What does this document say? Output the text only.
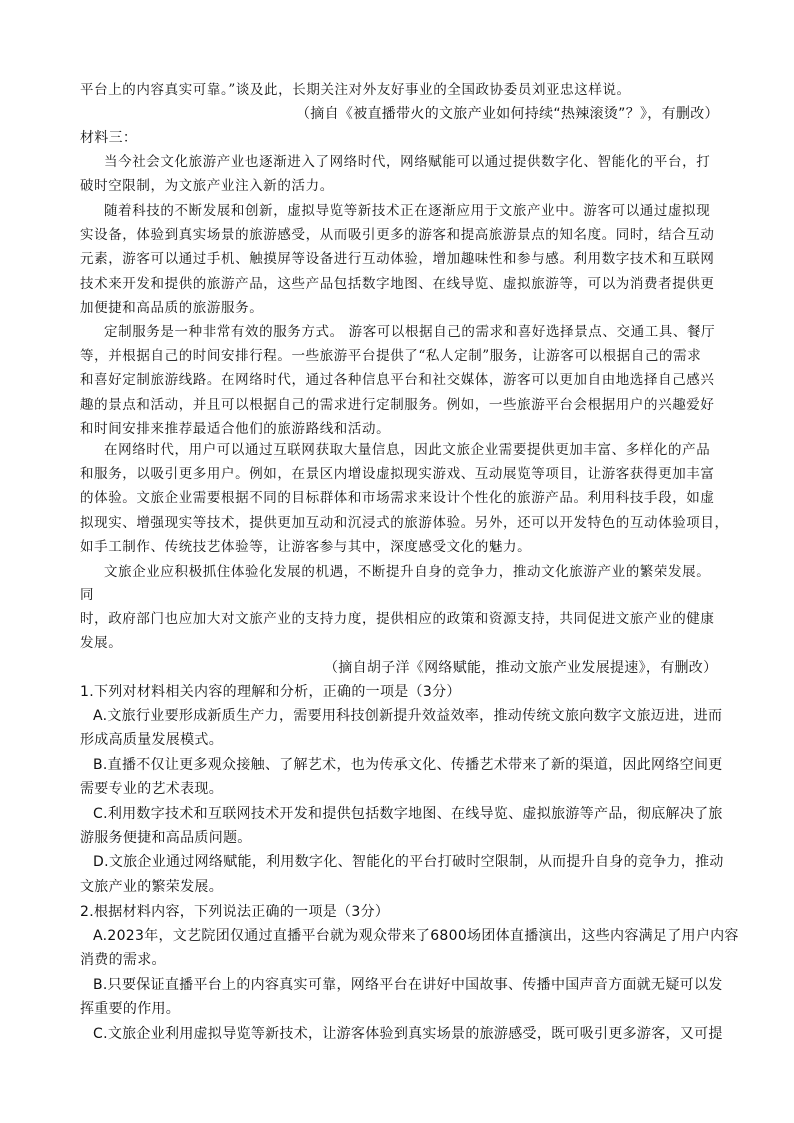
平台上的内容真实可靠。”谈及此，长期关注对外友好事业的全国政协委员刘亚忠这样说。
（摘自《被直播带火的文旅产业如何持续“热辣滚烫”？》，有删改）
材料三：
当今社会文化旅游产业也逐渐进入了网络时代，网络赋能可以通过提供数字化、智能化的平台，打
破时空限制，为文旅产业注入新的活力。
随着科技的不断发展和创新，虚拟导览等新技术正在逐渐应用于文旅产业中。游客可以通过虚拟现
实设备，体验到真实场景的旅游感受，从而吸引更多的游客和提高旅游景点的知名度。同时，结合互动
元素，游客可以通过手机、触摸屏等设备进行互动体验，增加趣味性和参与感。利用数字技术和互联网
技术来开发和提供的旅游产品，这些产品包括数字地图、在线导览、虚拟旅游等，可以为消费者提供更
加便捷和高品质的旅游服务。
定制服务是一种非常有效的服务方式。 游客可以根据自己的需求和喜好选择景点、交通工具、餐厅
等，并根据自己的时间安排行程。一些旅游平台提供了“私人定制”服务，让游客可以根据自己的需求
和喜好定制旅游线路。在网络时代，通过各种信息平台和社交媒体，游客可以更加自由地选择自己感兴
趣的景点和活动，并且可以根据自己的需求进行定制服务。例如，一些旅游平台会根据用户的兴趣爱好
和时间安排来推荐最适合他们的旅游路线和活动。
在网络时代，用户可以通过互联网获取大量信息，因此文旅企业需要提供更加丰富、多样化的产品
和服务，以吸引更多用户。例如，在景区内增设虚拟现实游戏、互动展览等项目，让游客获得更加丰富
的体验。文旅企业需要根据不同的目标群体和市场需求来设计个性化的旅游产品。利用科技手段，如虚
拟现实、增强现实等技术，提供更加互动和沉浸式的旅游体验。另外，还可以开发特色的互动体验项目，
如手工制作、传统技艺体验等，让游客参与其中，深度感受文化的魅力。
文旅企业应积极抓住体验化发展的机遇，不断提升自身的竞争力，推动文化旅游产业的繁荣发展。
同
时，政府部门也应加大对文旅产业的支持力度，提供相应的政策和资源支持，共同促进文旅产业的健康
发展。
（摘自胡子洋《网络赋能，推动文旅产业发展提速》，有删改）
1.下列对材料相关内容的理解和分析，正确的一项是（3分）
A.文旅行业要形成新质生产力，需要用科技创新提升效益效率，推动传统文旅向数字文旅迈进，进而
形成高质量发展模式。
B.直播不仅让更多观众接触、了解艺术，也为传承文化、传播艺术带来了新的渠道，因此网络空间更
需要专业的艺术表现。
C.利用数字技术和互联网技术开发和提供包括数字地图、在线导览、虚拟旅游等产品，彻底解决了旅
游服务便捷和高品质问题。
D.文旅企业通过网络赋能，利用数字化、智能化的平台打破时空限制，从而提升自身的竞争力，推动
文旅产业的繁荣发展。
2.根据材料内容，下列说法正确的一项是（3分）
A.2023年，文艺院团仅通过直播平台就为观众带来了6800场团体直播演出，这些内容满足了用户内容
消费的需求。
B.只要保证直播平台上的内容真实可靠，网络平台在讲好中国故事、传播中国声音方面就无疑可以发
挥重要的作用。
C.文旅企业利用虚拟导览等新技术，让游客体验到真实场景的旅游感受，既可吸引更多游客，又可提
